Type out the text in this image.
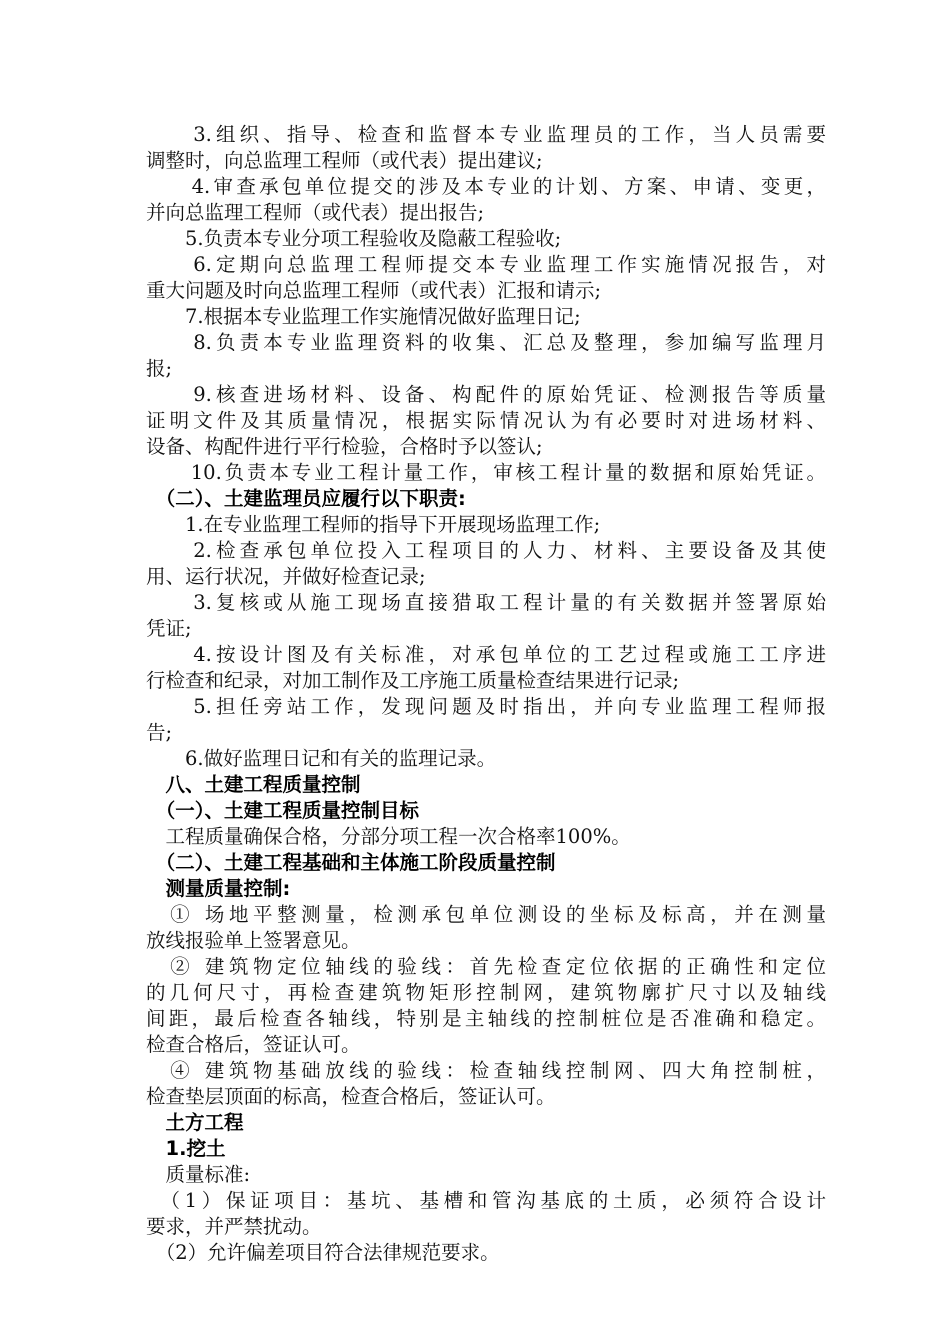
　　3.组织、指导、检查和监督本专业监理员的工作，当人员需要
调整时，向总监理工程师（或代表）提出建议;
　　4.审查承包单位提交的涉及本专业的计划、方案、申请、变更，
并向总监理工程师（或代表）提出报告;
　　5.负责本专业分项工程验收及隐蔽工程验收;
　　6.定期向总监理工程师提交本专业监理工作实施情况报告，对
重大问题及时向总监理工程师（或代表）汇报和请示;
　　7.根据本专业监理工作实施情况做好监理日记;
　　8.负责本专业监理资料的收集、汇总及整理，参加编写监理月
报;
　　9.核查进场材料、设备、构配件的原始凭证、检测报告等质量
证明文件及其质量情况，根据实际情况认为有必要时对进场材料、
设备、构配件进行平行检验，合格时予以签认;
　　10.负责本专业工程计量工作，审核工程计量的数据和原始凭证。
　（二）、土建监理员应履行以下职责:
　　1.在专业监理工程师的指导下开展现场监理工作;
　　2.检查承包单位投入工程项目的人力、材料、主要设备及其使
用、运行状况，并做好检查记录;
　　3.复核或从施工现场直接猎取工程计量的有关数据并签署原始
凭证;
　　4.按设计图及有关标准，对承包单位的工艺过程或施工工序进
行检查和纪录，对加工制作及工序施工质量检查结果进行记录;
　　5.担任旁站工作，发现问题及时指出，并向专业监理工程师报
告;
　　6.做好监理日记和有关的监理记录。
　八、土建工程质量控制
　（一）、土建工程质量控制目标
　工程质量确保合格，分部分项工程一次合格率100%。
　（二）、土建工程基础和主体施工阶段质量控制
　测量质量控制:
　① 场地平整测量，检测承包单位测设的坐标及标高，并在测量
放线报验单上签署意见。
　② 建筑物定位轴线的验线：首先检查定位依据的正确性和定位
的几何尺寸，再检查建筑物矩形控制网，建筑物廓扩尺寸以及轴线
间距，最后检查各轴线，特别是主轴线的控制桩位是否准确和稳定。
检查合格后，签证认可。
　④ 建筑物基础放线的验线：检查轴线控制网、四大角控制桩，
检查垫层顶面的标高，检查合格后，签证认可。
　土方工程
　1.挖土
　质量标准:
　（1）保证项目：基坑、基槽和管沟基底的土质，必须符合设计
要求，并严禁扰动。
　（2）允许偏差项目符合法律规范要求。
